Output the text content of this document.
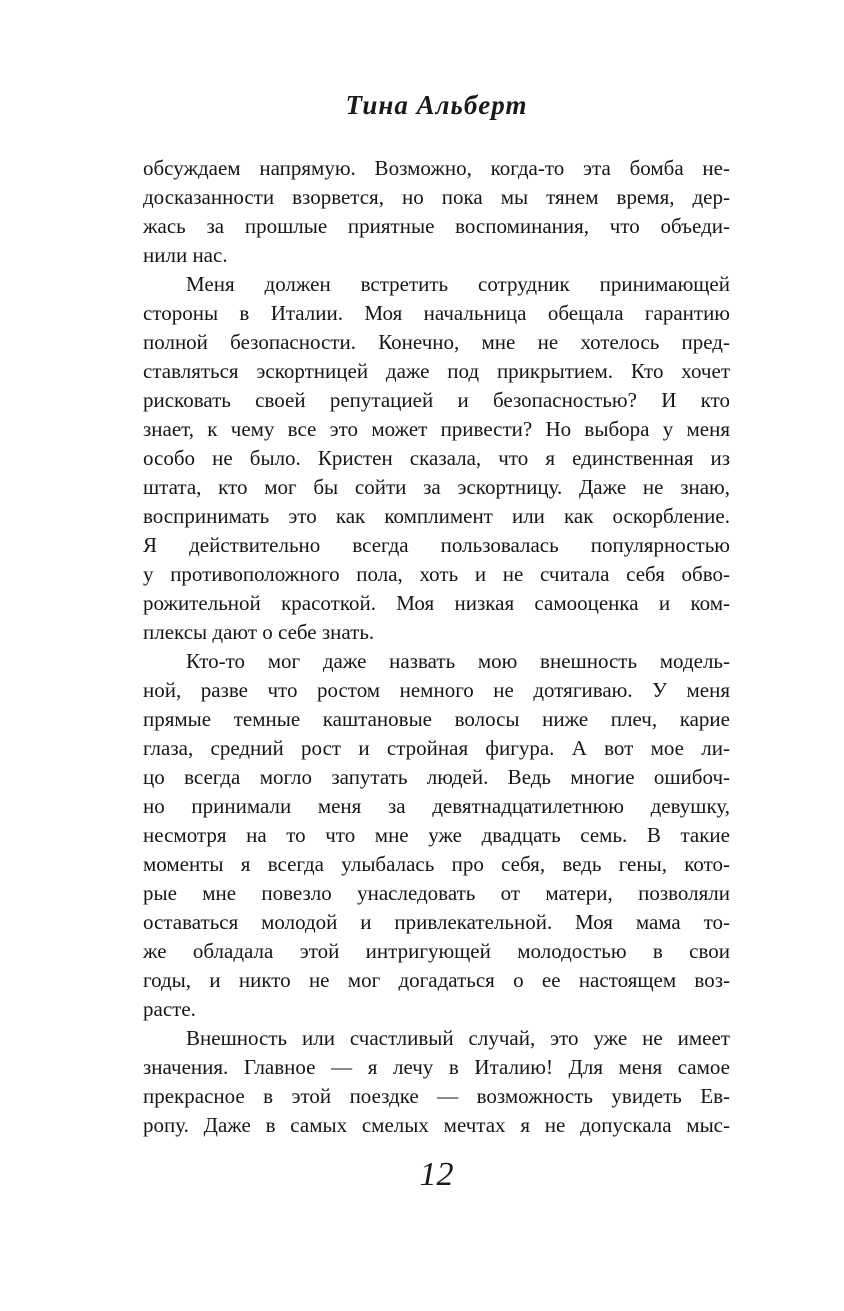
Тина Альберт
обсуждаем напрямую. Возможно, когда-то эта бомба не-
досказанности взорвется, но пока мы тянем время, дер-
жась за прошлые приятные воспоминания, что объеди-
нили нас.
Меня должен встретить сотрудник принимающей
стороны в Италии. Моя начальница обещала гарантию
полной безопасности. Конечно, мне не хотелось пред-
ставляться эскортницей даже под прикрытием. Кто хочет
рисковать своей репутацией и безопасностью? И кто
знает, к чему все это может привести? Но выбора у меня
особо не было. Кристен сказала, что я единственная из
штата, кто мог бы сойти за эскортницу. Даже не знаю,
воспринимать это как комплимент или как оскорбление.
Я действительно всегда пользовалась популярностью
у противоположного пола, хоть и не считала себя обво-
рожительной красоткой. Моя низкая самооценка и ком-
плексы дают о себе знать.
Кто-то мог даже назвать мою внешность модель-
ной, разве что ростом немного не дотягиваю. У меня
прямые темные каштановые волосы ниже плеч, карие
глаза, средний рост и стройная фигура. А вот мое ли-
цо всегда могло запутать людей. Ведь многие ошибоч-
но принимали меня за девятнадцатилетнюю девушку,
несмотря на то что мне уже двадцать семь. В такие
моменты я всегда улыбалась про себя, ведь гены, кото-
рые мне повезло унаследовать от матери, позволяли
оставаться молодой и привлекательной. Моя мама то-
же обладала этой интригующей молодостью в свои
годы, и никто не мог догадаться о ее настоящем воз-
расте.
Внешность или счастливый случай, это уже не имеет
значения. Главное — я лечу в Италию! Для меня самое
прекрасное в этой поездке — возможность увидеть Ев-
ропу. Даже в самых смелых мечтах я не допускала мыс-
12
